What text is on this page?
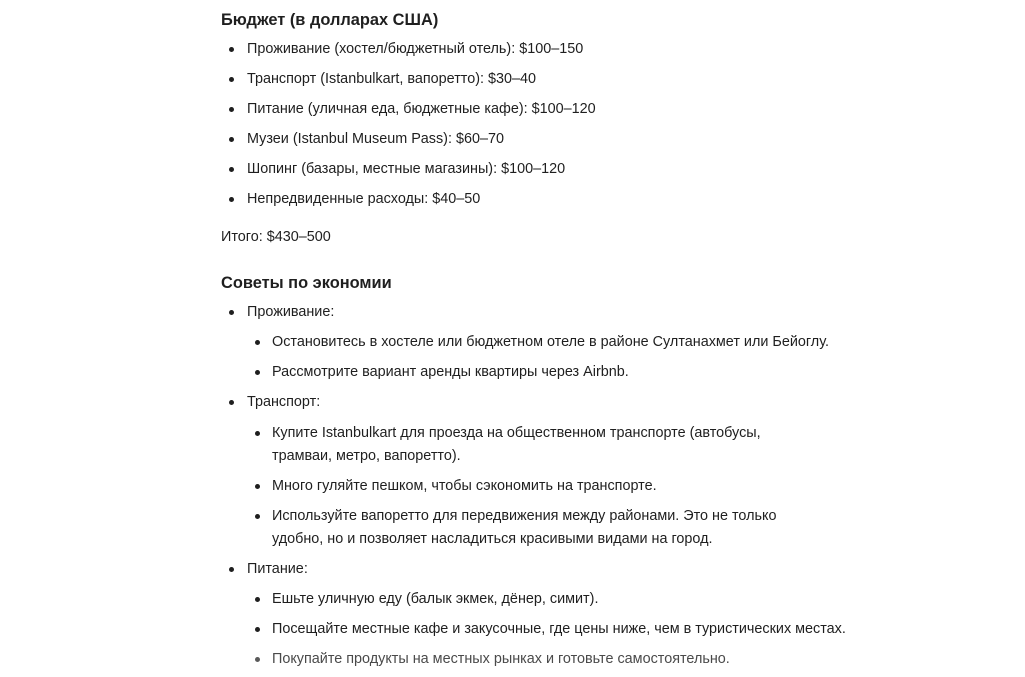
Бюджет (в долларах США)
Проживание (хостел/бюджетный отель): $100–150
Транспорт (Istanbulkart, вапоретто): $30–40
Питание (уличная еда, бюджетные кафе): $100–120
Музеи (Istanbul Museum Pass): $60–70
Шопинг (базары, местные магазины): $100–120
Непредвиденные расходы: $40–50
Итого: $430–500
Советы по экономии
Проживание:
Остановитесь в хостеле или бюджетном отеле в районе Султанахмет или Бейоглу.
Рассмотрите вариант аренды квартиры через Airbnb.
Транспорт:
Купите Istanbulkart для проезда на общественном транспорте (автобусы, трамваи, метро, вапоретто).
Много гуляйте пешком, чтобы сэкономить на транспорте.
Используйте вапоретто для передвижения между районами. Это не только удобно, но и позволяет насладиться красивыми видами на город.
Питание:
Ешьте уличную еду (балык экмек, дёнер, симит).
Посещайте местные кафе и закусочные, где цены ниже, чем в туристических местах.
Покупайте продукты на местных рынках и готовьте самостоятельно.
